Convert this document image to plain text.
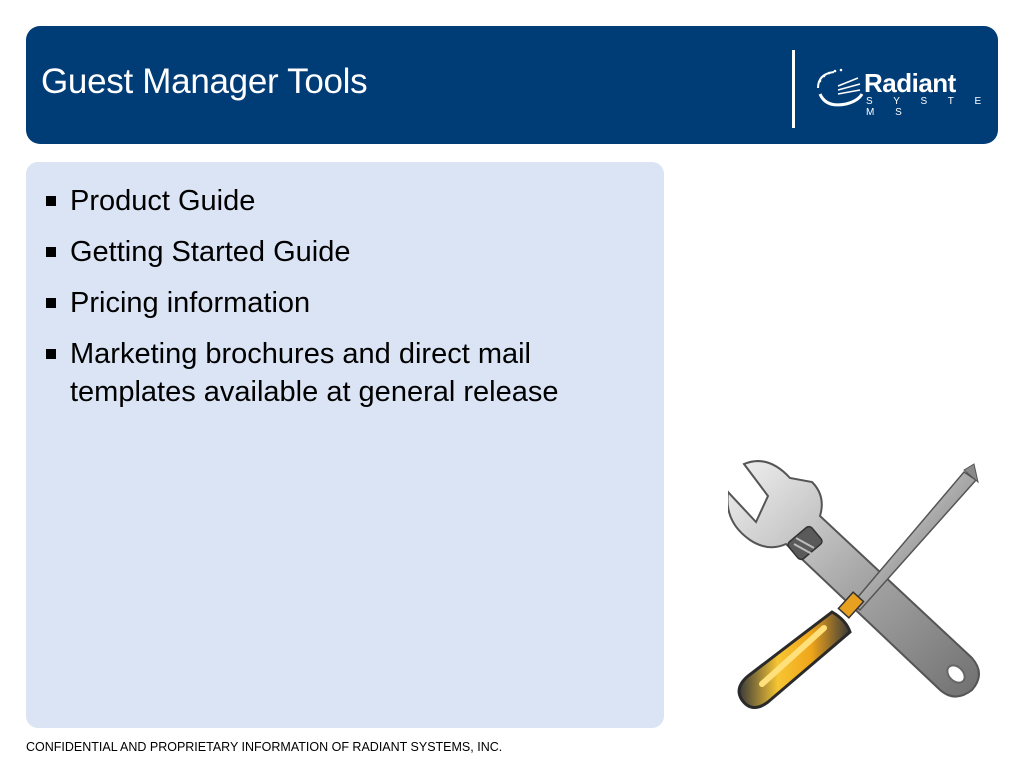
Guest Manager Tools	Radiant
S Y S T E M S
Product Guide
Getting Started Guide
Pricing information
Marketing brochures and direct mail templates available at general release
CONFIDENTIAL AND PROPRIETARY INFORMATION OF RADIANT SYSTEMS, INC.
